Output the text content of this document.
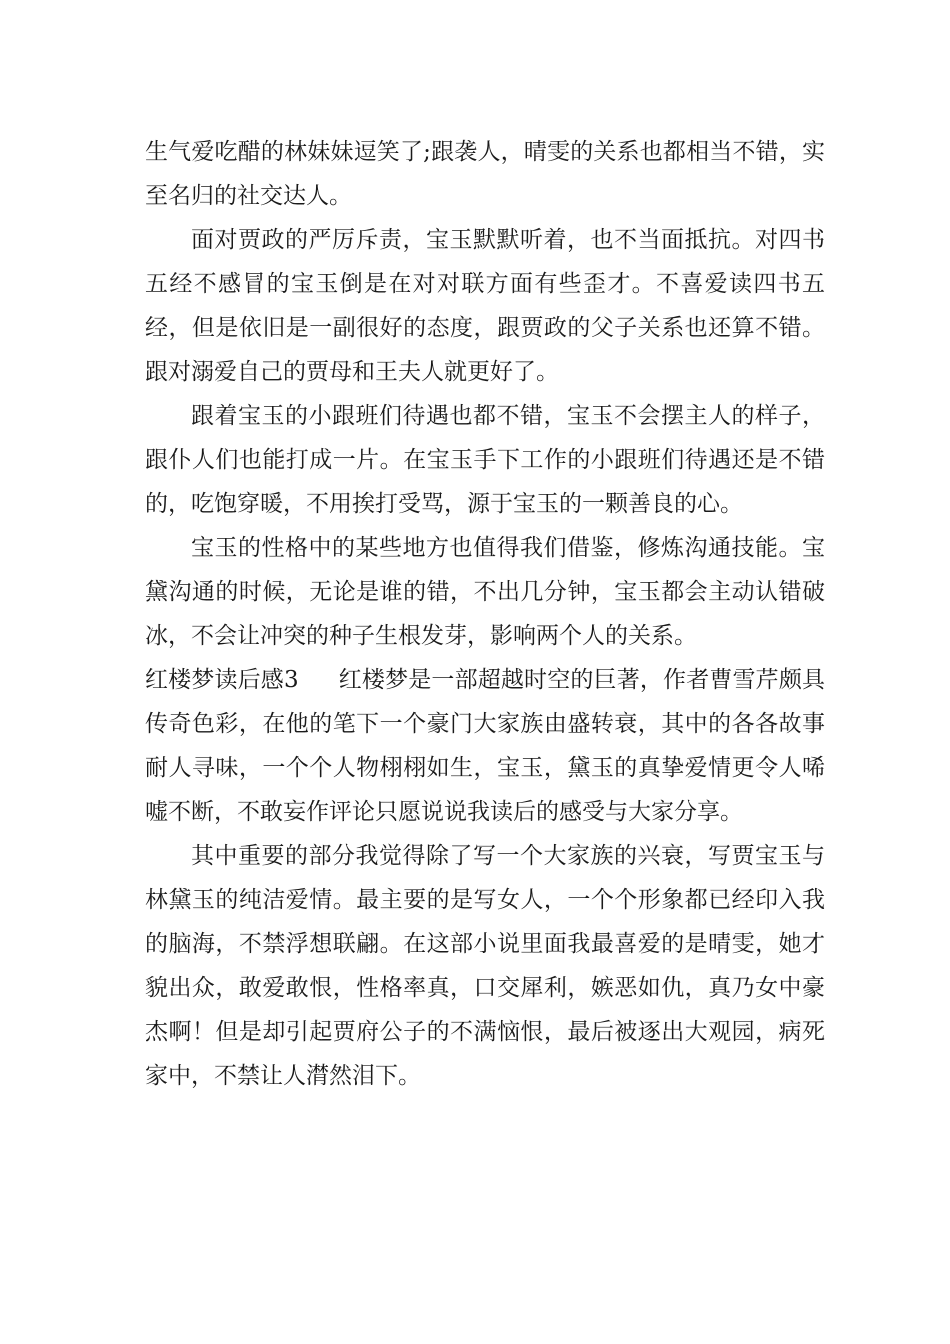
生气爱吃醋的林妹妹逗笑了;跟袭人，晴雯的关系也都相当不错，实至名归的社交达人。

面对贾政的严厉斥责，宝玉默默听着，也不当面抵抗。对四书五经不感冒的宝玉倒是在对对联方面有些歪才。不喜爱读四书五经，但是依旧是一副很好的态度，跟贾政的父子关系也还算不错。跟对溺爱自己的贾母和王夫人就更好了。

跟着宝玉的小跟班们待遇也都不错，宝玉不会摆主人的样子，跟仆人们也能打成一片。在宝玉手下工作的小跟班们待遇还是不错的，吃饱穿暖，不用挨打受骂，源于宝玉的一颗善良的心。

宝玉的性格中的某些地方也值得我们借鉴，修炼沟通技能。宝黛沟通的时候，无论是谁的错，不出几分钟，宝玉都会主动认错破冰，不会让冲突的种子生根发芽，影响两个人的关系。

红楼梦读后感3 红楼梦是一部超越时空的巨著，作者曹雪芹颇具传奇色彩，在他的笔下一个豪门大家族由盛转衰，其中的各各故事耐人寻味，一个个人物栩栩如生，宝玉，黛玉的真挚爱情更令人唏嘘不断，不敢妄作评论只愿说说我读后的感受与大家分享。

其中重要的部分我觉得除了写一个大家族的兴衰，写贾宝玉与林黛玉的纯洁爱情。最主要的是写女人，一个个形象都已经印入我的脑海，不禁浮想联翩。在这部小说里面我最喜爱的是晴雯，她才貌出众，敢爱敢恨，性格率真，口交犀利，嫉恶如仇，真乃女中豪杰啊！但是却引起贾府公子的不满恼恨，最后被逐出大观园，病死家中，不禁让人潸然泪下。
